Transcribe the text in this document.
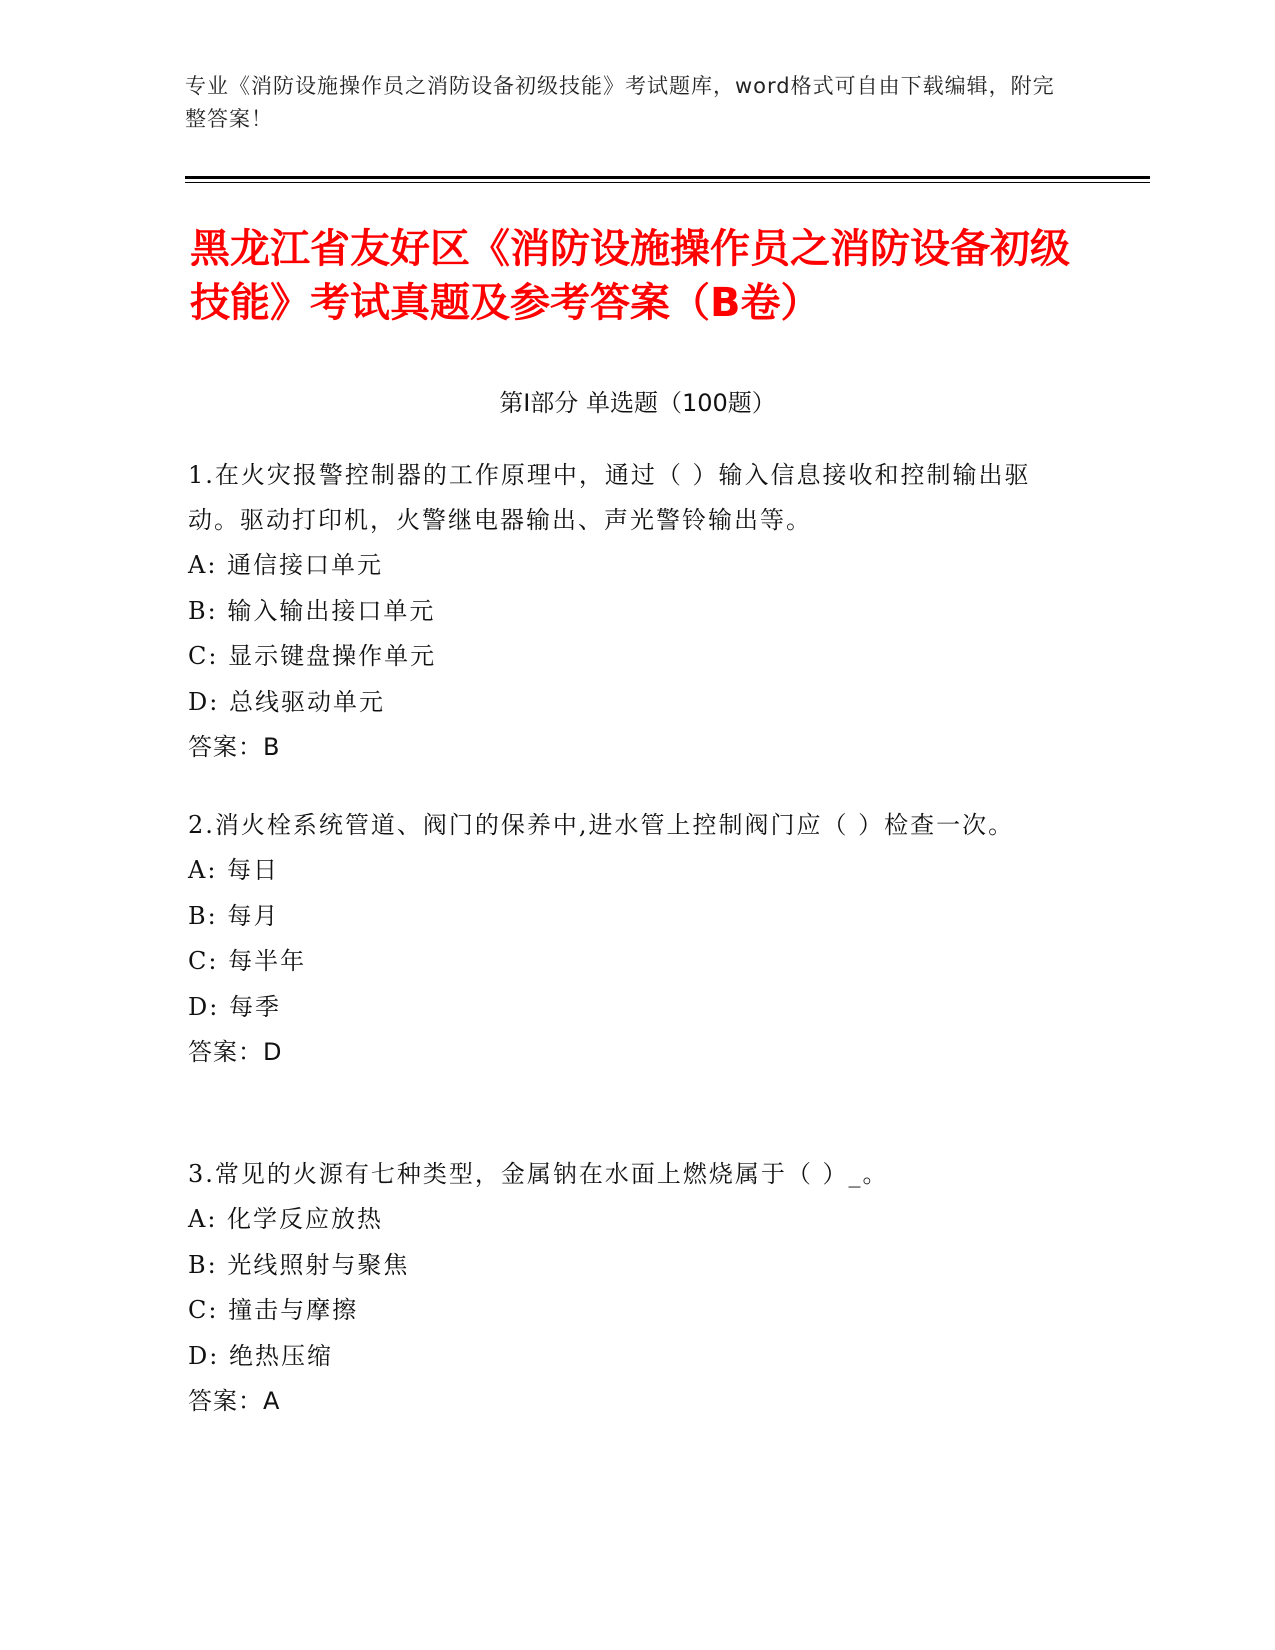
专业《消防设施操作员之消防设备初级技能》考试题库，word格式可自由下载编辑，附完整答案！
黑龙江省友好区《消防设施操作员之消防设备初级技能》考试真题及参考答案（B卷）
第I部分 单选题（100题）

1.在火灾报警控制器的工作原理中，通过（ ）输入信息接收和控制输出驱动。驱动打印机，火警继电器输出、声光警铃输出等。

A: 通信接口单元

B: 输入输出接口单元

C: 显示键盘操作单元

D: 总线驱动单元

答案：B

2.消火栓系统管道、阀门的保养中,进水管上控制阀门应（ ）检查一次。

A: 每日

B: 每月

C: 每半年

D: 每季

答案：D

3.常见的火源有七种类型，金属钠在水面上燃烧属于（ ）_。

A: 化学反应放热

B: 光线照射与聚焦

C: 撞击与摩擦

D: 绝热压缩

答案：A
